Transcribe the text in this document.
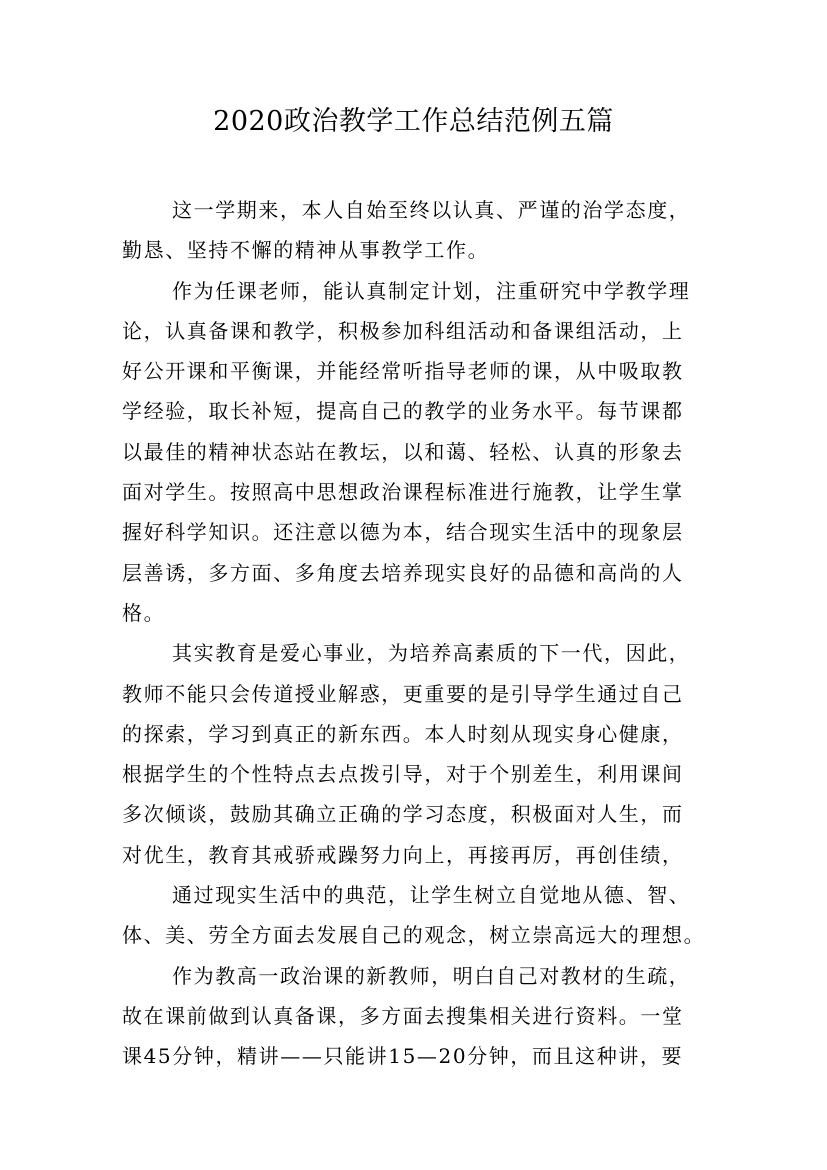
2020政治教学工作总结范例五篇
这一学期来，本人自始至终以认真、严谨的治学态度，
勤恳、坚持不懈的精神从事教学工作。
作为任课老师，能认真制定计划，注重研究中学教学理
论，认真备课和教学，积极参加科组活动和备课组活动，上
好公开课和平衡课，并能经常听指导老师的课，从中吸取教
学经验，取长补短，提高自己的教学的业务水平。每节课都
以最佳的精神状态站在教坛，以和蔼、轻松、认真的形象去
面对学生。按照高中思想政治课程标准进行施教，让学生掌
握好科学知识。还注意以德为本，结合现实生活中的现象层
层善诱，多方面、多角度去培养现实良好的品德和高尚的人
格。
其实教育是爱心事业，为培养高素质的下一代，因此，
教师不能只会传道授业解惑，更重要的是引导学生通过自己
的探索，学习到真正的新东西。本人时刻从现实身心健康，
根据学生的个性特点去点拨引导，对于个别差生，利用课间
多次倾谈，鼓励其确立正确的学习态度，积极面对人生，而
对优生，教育其戒骄戒躁努力向上，再接再厉，再创佳绩，
通过现实生活中的典范，让学生树立自觉地从德、智、
体、美、劳全方面去发展自己的观念，树立崇高远大的理想。
作为教高一政治课的新教师，明白自己对教材的生疏，
故在课前做到认真备课，多方面去搜集相关进行资料。一堂
课45分钟，精讲——只能讲15—20分钟，而且这种讲，要
